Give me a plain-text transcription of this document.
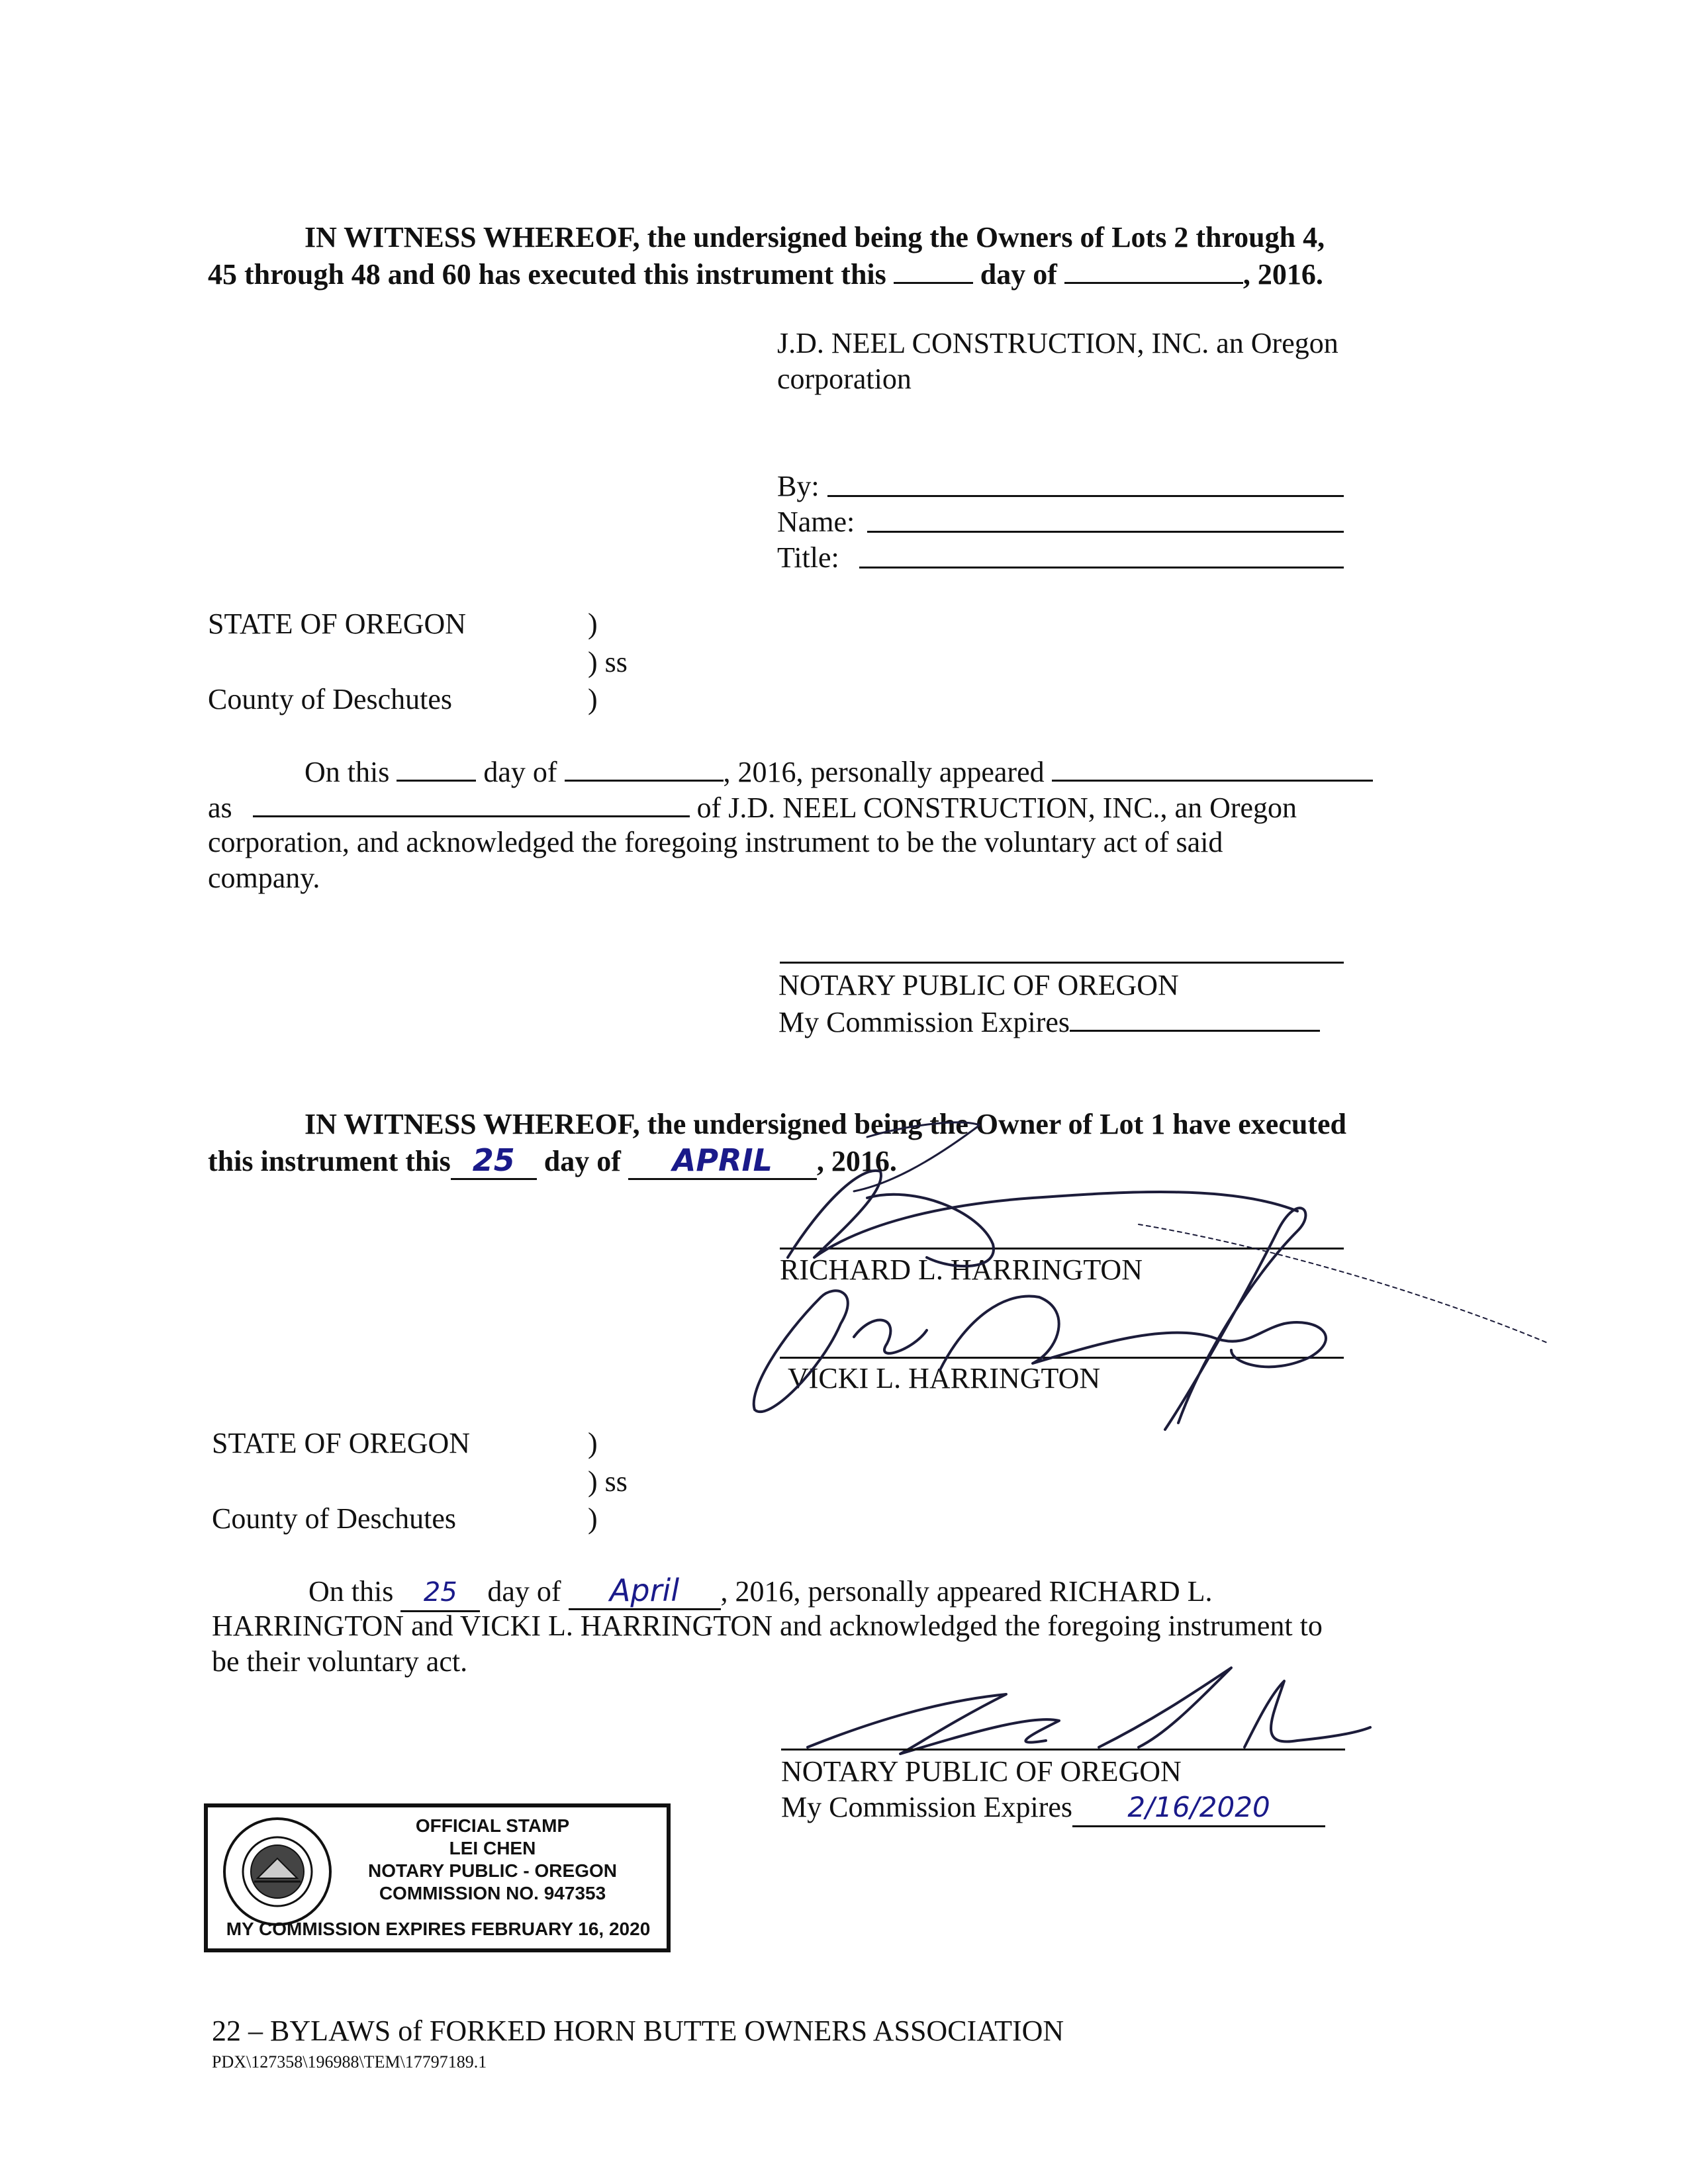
IN WITNESS WHEREOF, the undersigned being the Owners of Lots 2 through 4,
45 through 48 and 60 has executed this instrument this	day of	, 2016.
J.D. NEEL CONSTRUCTION, INC. an Oregon
corporation
By:
Name:
Title:
STATE OF OREGON	)
) ss
County of Deschutes	)
On this	day of	, 2016, personally appeared
as	of J.D. NEEL CONSTRUCTION, INC., an Oregon
corporation, and acknowledged the foregoing instrument to be the voluntary act of said
company.
NOTARY PUBLIC OF OREGON
My Commission Expires
IN WITNESS WHEREOF, the undersigned being the Owner of Lot 1 have executed
this instrument this 25 day of APRIL , 2016.
RICHARD L. HARRINGTON
VICKI L. HARRINGTON
STATE OF OREGON	)
) ss
County of Deschutes	)
On this 25 day of April , 2016, personally appeared RICHARD L.
HARRINGTON and VICKI L. HARRINGTON and acknowledged the foregoing instrument to
be their voluntary act.
NOTARY PUBLIC OF OREGON
My Commission Expires 2/16/2020
OFFICIAL STAMP
LEI CHEN
NOTARY PUBLIC - OREGON
COMMISSION NO. 947353
MY COMMISSION EXPIRES FEBRUARY 16, 2020
22 – BYLAWS of FORKED HORN BUTTE OWNERS ASSOCIATION
PDX\127358\196988\TEM\17797189.1
